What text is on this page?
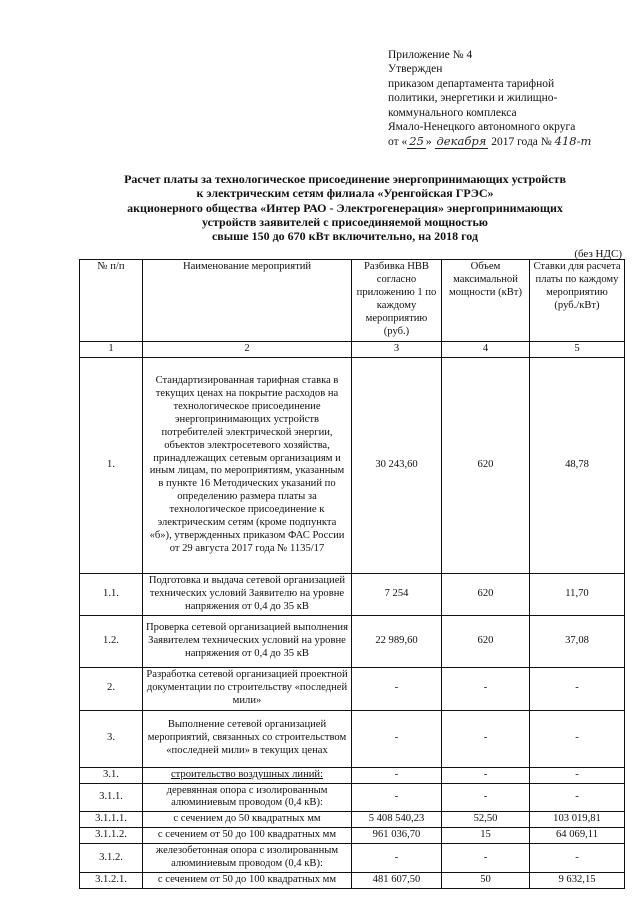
Приложение № 4
Утвержден
приказом департамента тарифной
политики, энергетики и жилищно-
коммунального комплекса
Ямало-Ненецкого автономного округа
от « 25 » декабря 2017 года № 418-т
Расчет платы за технологическое присоединение энергопринимающих устройств
к электрическим сетям филиала «Уренгойская ГРЭС»
акционерного общества «Интер РАО - Электрогенерация» энергопринимающих
устройств заявителей с присоединяемой мощностью
свыше 150 до 670 кВт включительно, на 2018 год
(без НДС)
№ п/п	Наименование мероприятий	Разбивка НВВ согласно приложению 1 по каждому мероприятию (руб.)	Объем максимальной мощности (кВт)	Ставки для расчета платы по каждому мероприятию (руб./кВт)
1	2	3	4	5
1.	Стандартизированная тарифная ставка в текущих ценах на покрытие расходов на технологическое присоединение энергопринимающих устройств потребителей электрической энергии, объектов электросетевого хозяйства, принадлежащих сетевым организациям и иным лицам, по мероприятиям, указанным в пункте 16 Методических указаний по определению размера платы за технологическое присоединение к электрическим сетям (кроме подпункта «б»), утвержденных приказом ФАС России от 29 августа 2017 года № 1135/17	30 243,60	620	48,78
1.1.	Подготовка и выдача сетевой организацией технических условий Заявителю на уровне напряжения от 0,4 до 35 кВ	7 254	620	11,70
1.2.	Проверка сетевой организацией выполнения Заявителем технических условий на уровне напряжения от 0,4 до 35 кВ	22 989,60	620	37,08
2.	Разработка сетевой организацией проектной документации по строительству «последней мили»	-	-	-
3.	Выполнение сетевой организацией мероприятий, связанных со строительством «последней мили» в текущих ценах	-	-	-
3.1.	строительство воздушных линий:	-	-	-
3.1.1.	деревянная опора с изолированным алюминиевым проводом (0,4 кВ):	-	-	-
3.1.1.1.	с сечением до 50 квадратных мм	5 408 540,23	52,50	103 019,81
3.1.1.2.	с сечением от 50 до 100 квадратных мм	961 036,70	15	64 069,11
3.1.2.	железобетонная опора с изолированным алюминиевым проводом (0,4 кВ):	-	-	-
3.1.2.1.	с сечением от 50 до 100 квадратных мм	481 607,50	50	9 632,15
